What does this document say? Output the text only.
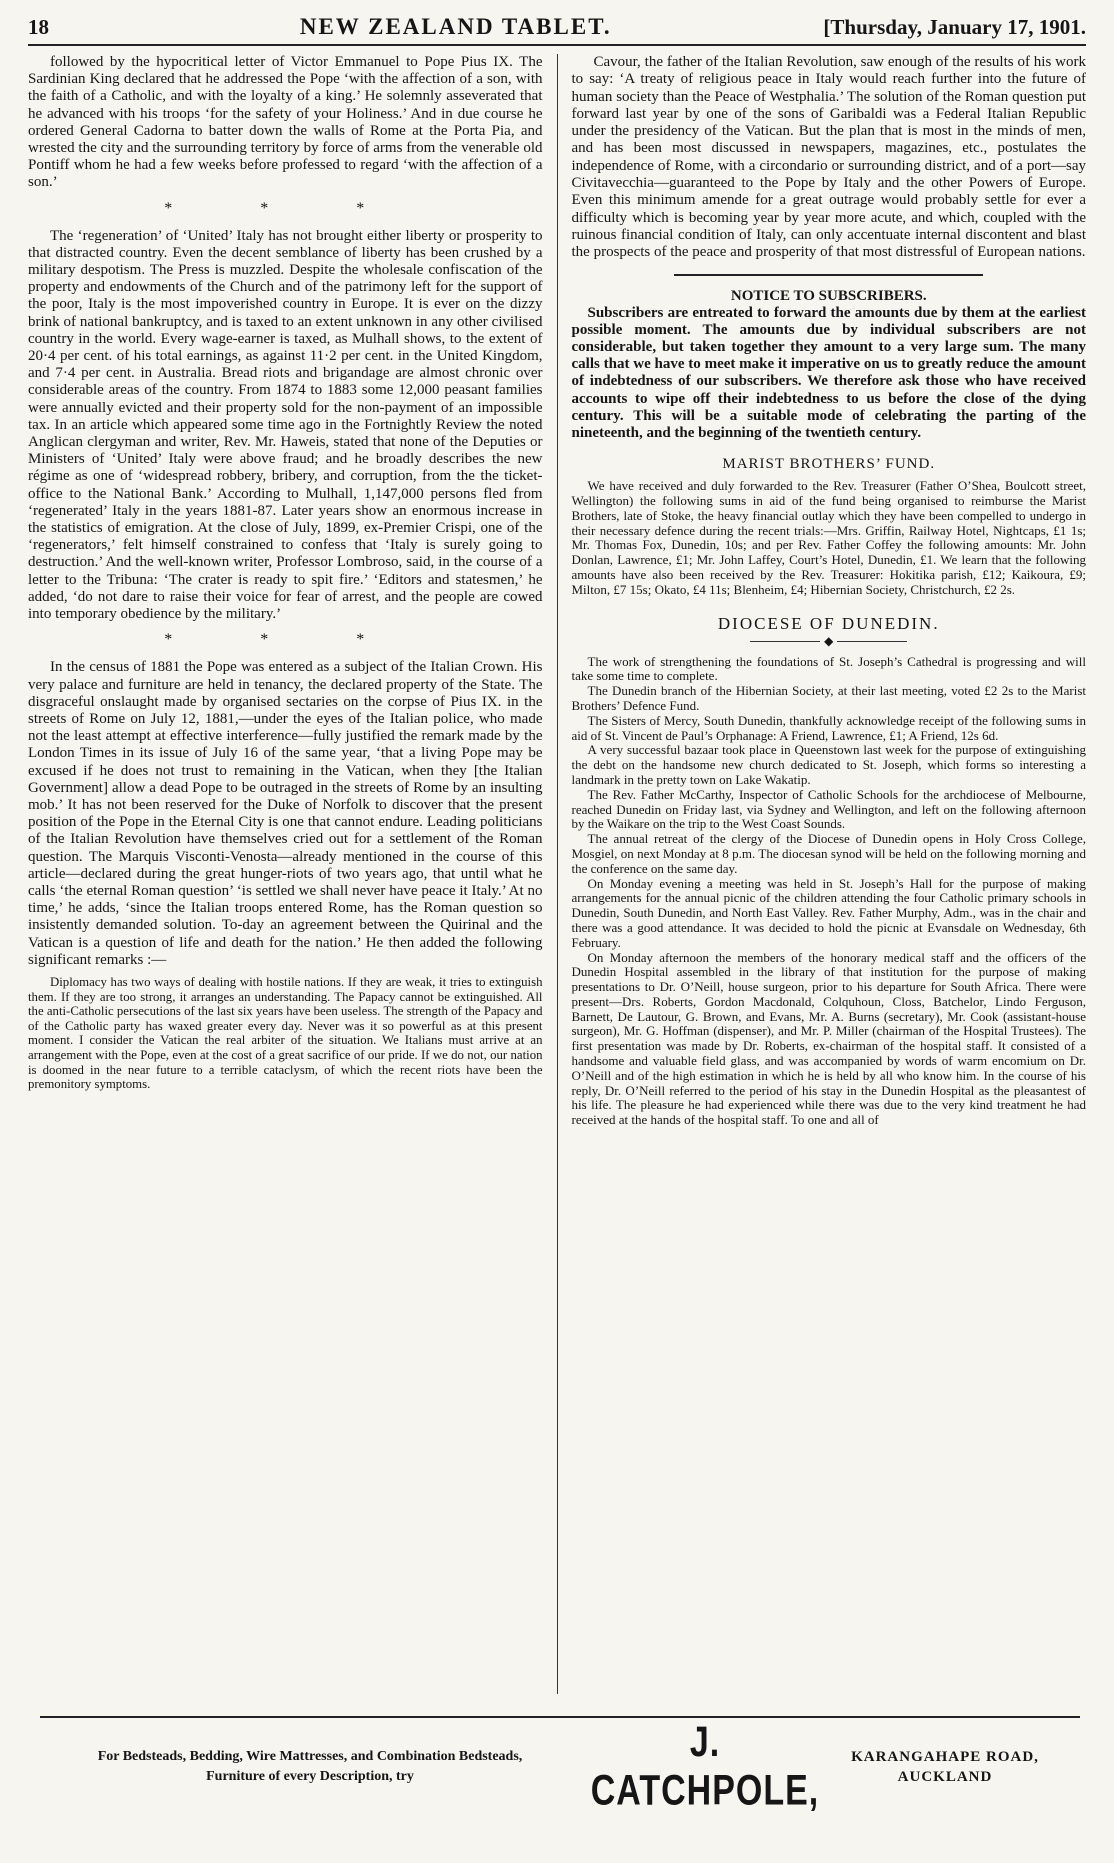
18	NEW ZEALAND TABLET.	[Thursday, January 17, 1901.

followed by the hypocritical letter of Victor Emmanuel to Pope Pius IX. The Sardinian King declared that he addressed the Pope ‘with the affection of a son, with the faith of a Catholic, and with the loyalty of a king.’ He solemnly asseverated that he advanced with his troops ‘for the safety of your Holiness.’ And in due course he ordered General Cadorna to batter down the walls of Rome at the Porta Pia, and wrested the city and the surrounding territory by force of arms from the venerable old Pontiff whom he had a few weeks before professed to regard ‘with the affection of a son.’

* * *

The ‘regeneration’ of ‘United’ Italy has not brought either liberty or prosperity to that distracted country. Even the decent semblance of liberty has been crushed by a military despotism. The Press is muzzled. Despite the wholesale confiscation of the property and endowments of the Church and of the patrimony left for the support of the poor, Italy is the most impoverished country in Europe. It is ever on the dizzy brink of national bankruptcy, and is taxed to an extent unknown in any other civilised country in the world. Every wage-earner is taxed, as Mulhall shows, to the extent of 20·4 per cent. of his total earnings, as against 11·2 per cent. in the United Kingdom, and 7·4 per cent. in Australia. Bread riots and brigandage are almost chronic over considerable areas of the country. From 1874 to 1883 some 12,000 peasant families were annually evicted and their property sold for the non-payment of an impossible tax. In an article which appeared some time ago in the Fortnightly Review the noted Anglican clergyman and writer, Rev. Mr. Haweis, stated that none of the Deputies or Ministers of ‘United’ Italy were above fraud; and he broadly describes the new régime as one of ‘widespread robbery, bribery, and corruption, from the the ticket-office to the National Bank.’ According to Mulhall, 1,147,000 persons fled from ‘regenerated’ Italy in the years 1881-87. Later years show an enormous increase in the statistics of emigration. At the close of July, 1899, ex-Premier Crispi, one of the ‘regenerators,’ felt himself constrained to confess that ‘Italy is surely going to destruction.’ And the well-known writer, Professor Lombroso, said, in the course of a letter to the Tribuna: ‘The crater is ready to spit fire.’ ‘Editors and statesmen,’ he added, ‘do not dare to raise their voice for fear of arrest, and the people are cowed into temporary obedience by the military.’

* * *

In the census of 1881 the Pope was entered as a subject of the Italian Crown. His very palace and furniture are held in tenancy, the declared property of the State. The disgraceful onslaught made by organised sectaries on the corpse of Pius IX. in the streets of Rome on July 12, 1881,—under the eyes of the Italian police, who made not the least attempt at effective interference—fully justified the remark made by the London Times in its issue of July 16 of the same year, ‘that a living Pope may be excused if he does not trust to remaining in the Vatican, when they [the Italian Government] allow a dead Pope to be outraged in the streets of Rome by an insulting mob.’ It has not been reserved for the Duke of Norfolk to discover that the present position of the Pope in the Eternal City is one that cannot endure. Leading politicians of the Italian Revolution have themselves cried out for a settlement of the Roman question. The Marquis Visconti-Venosta—already mentioned in the course of this article—declared during the great hunger-riots of two years ago, that until what he calls ‘the eternal Roman question’ ‘is settled we shall never have peace it Italy.’ At no time,’ he adds, ‘since the Italian troops entered Rome, has the Roman question so insistently demanded solution. To-day an agreement between the Quirinal and the Vatican is a question of life and death for the nation.’ He then added the following significant remarks :—

Diplomacy has two ways of dealing with hostile nations. If they are weak, it tries to extinguish them. If they are too strong, it arranges an understanding. The Papacy cannot be extinguished. All the anti-Catholic persecutions of the last six years have been useless. The strength of the Papacy and of the Catholic party has waxed greater every day. Never was it so powerful as at this present moment. I consider the Vatican the real arbiter of the situation. We Italians must arrive at an arrangement with the Pope, even at the cost of a great sacrifice of our pride. If we do not, our nation is doomed in the near future to a terrible cataclysm, of which the recent riots have been the premonitory symptoms.

Cavour, the father of the Italian Revolution, saw enough of the results of his work to say: ‘A treaty of religious peace in Italy would reach further into the future of human society than the Peace of Westphalia.’ The solution of the Roman question put forward last year by one of the sons of Garibaldi was a Federal Italian Republic under the presidency of the Vatican. But the plan that is most in the minds of men, and has been most discussed in newspapers, magazines, etc., postulates the independence of Rome, with a circondario or surrounding district, and of a port—say Civitavecchia—guaranteed to the Pope by Italy and the other Powers of Europe. Even this minimum amende for a great outrage would probably settle for ever a difficulty which is becoming year by year more acute, and which, coupled with the ruinous financial condition of Italy, can only accentuate internal discontent and blast the prospects of the peace and prosperity of that most distressful of European nations.

NOTICE TO SUBSCRIBERS.

Subscribers are entreated to forward the amounts due by them at the earliest possible moment. The amounts due by individual subscribers are not considerable, but taken together they amount to a very large sum. The many calls that we have to meet make it imperative on us to greatly reduce the amount of indebtedness of our subscribers. We therefore ask those who have received accounts to wipe off their indebtedness to us before the close of the dying century. This will be a suitable mode of celebrating the parting of the nineteenth, and the beginning of the twentieth century.

MARIST BROTHERS’ FUND.

We have received and duly forwarded to the Rev. Treasurer (Father O’Shea, Boulcott street, Wellington) the following sums in aid of the fund being organised to reimburse the Marist Brothers, late of Stoke, the heavy financial outlay which they have been compelled to undergo in their necessary defence during the recent trials:—Mrs. Griffin, Railway Hotel, Nightcaps, £1 1s; Mr. Thomas Fox, Dunedin, 10s; and per Rev. Father Coffey the following amounts: Mr. John Donlan, Lawrence, £1; Mr. John Laffey, Court’s Hotel, Dunedin, £1. We learn that the following amounts have also been received by the Rev. Treasurer: Hokitika parish, £12; Kaikoura, £9; Milton, £7 15s; Okato, £4 11s; Blenheim, £4; Hibernian Society, Christchurch, £2 2s.

DIOCESE OF DUNEDIN.
◆

The work of strengthening the foundations of St. Joseph’s Cathedral is progressing and will take some time to complete.

The Dunedin branch of the Hibernian Society, at their last meeting, voted £2 2s to the Marist Brothers’ Defence Fund.

The Sisters of Mercy, South Dunedin, thankfully acknowledge receipt of the following sums in aid of St. Vincent de Paul’s Orphanage: A Friend, Lawrence, £1; A Friend, 12s 6d.

A very successful bazaar took place in Queenstown last week for the purpose of extinguishing the debt on the handsome new church dedicated to St. Joseph, which forms so interesting a landmark in the pretty town on Lake Wakatip.

The Rev. Father McCarthy, Inspector of Catholic Schools for the archdiocese of Melbourne, reached Dunedin on Friday last, via Sydney and Wellington, and left on the following afternoon by the Waikare on the trip to the West Coast Sounds.

The annual retreat of the clergy of the Diocese of Dunedin opens in Holy Cross College, Mosgiel, on next Monday at 8 p.m. The diocesan synod will be held on the following morning and the conference on the same day.

On Monday evening a meeting was held in St. Joseph’s Hall for the purpose of making arrangements for the annual picnic of the children attending the four Catholic primary schools in Dunedin, South Dunedin, and North East Valley. Rev. Father Murphy, Adm., was in the chair and there was a good attendance. It was decided to hold the picnic at Evansdale on Wednesday, 6th February.

On Monday afternoon the members of the honorary medical staff and the officers of the Dunedin Hospital assembled in the library of that institution for the purpose of making presentations to Dr. O’Neill, house surgeon, prior to his departure for South Africa. There were present—Drs. Roberts, Gordon Macdonald, Colquhoun, Closs, Batchelor, Lindo Ferguson, Barnett, De Lautour, G. Brown, and Evans, Mr. A. Burns (secretary), Mr. Cook (assistant-house surgeon), Mr. G. Hoffman (dispenser), and Mr. P. Miller (chairman of the Hospital Trustees). The first presentation was made by Dr. Roberts, ex-chairman of the hospital staff. It consisted of a handsome and valuable field glass, and was accompanied by words of warm encomium on Dr. O’Neill and of the high estimation in which he is held by all who know him. In the course of his reply, Dr. O’Neill referred to the period of his stay in the Dunedin Hospital as the pleasantest of his life. The pleasure he had experienced while there was due to the very kind treatment he had received at the hands of the hospital staff. To one and all of

For Bedsteads, Bedding, Wire Mattresses, and Combination Bedsteads,
Furniture of every Description, try
J. CATCHPOLE,
KARANGAHAPE ROAD,
AUCKLAND
